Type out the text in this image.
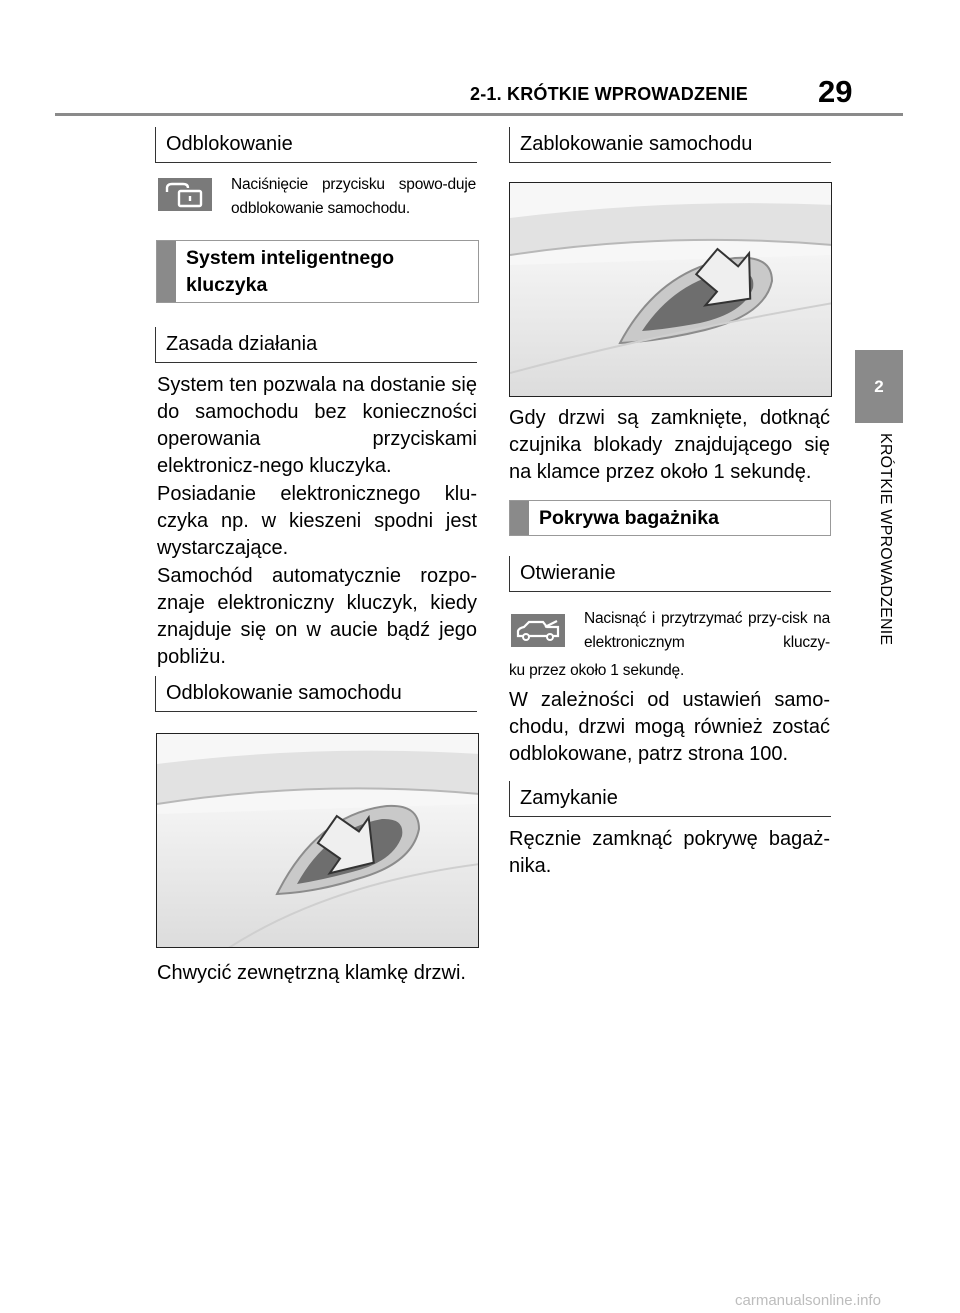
2-1. KRÓTKIE WPROWADZENIE 29
2
KRÓTKIE WPROWADZENIE
Odblokowanie
Naciśnięcie przycisku spowo-duje odblokowanie samochodu.
System inteligentnego kluczyka
Zasada działania
System ten pozwala na dostanie się do samochodu bez konieczności operowania przyciskami elektronicz-nego kluczyka.
Posiadanie elektronicznego klu-czyka np. w kieszeni spodni jest wystarczające.
Samochód automatycznie rozpo-znaje elektroniczny kluczyk, kiedy znajduje się on w aucie bądź jego pobliżu.
Odblokowanie samochodu
Chwycić zewnętrzną klamkę drzwi.
Zablokowanie samochodu
Gdy drzwi są zamknięte, dotknąć czujnika blokady znajdującego się na klamce przez około 1 sekundę.
Pokrywa bagażnika
Otwieranie
Nacisnąć i przytrzymać przy-cisk na elektronicznym kluczy-
ku przez około 1 sekundę.
W zależności od ustawień samo-chodu, drzwi mogą również zostać odblokowane, patrz strona 100.
Zamykanie
Ręcznie zamknąć pokrywę bagaż-nika.
carmanualsonline.info
